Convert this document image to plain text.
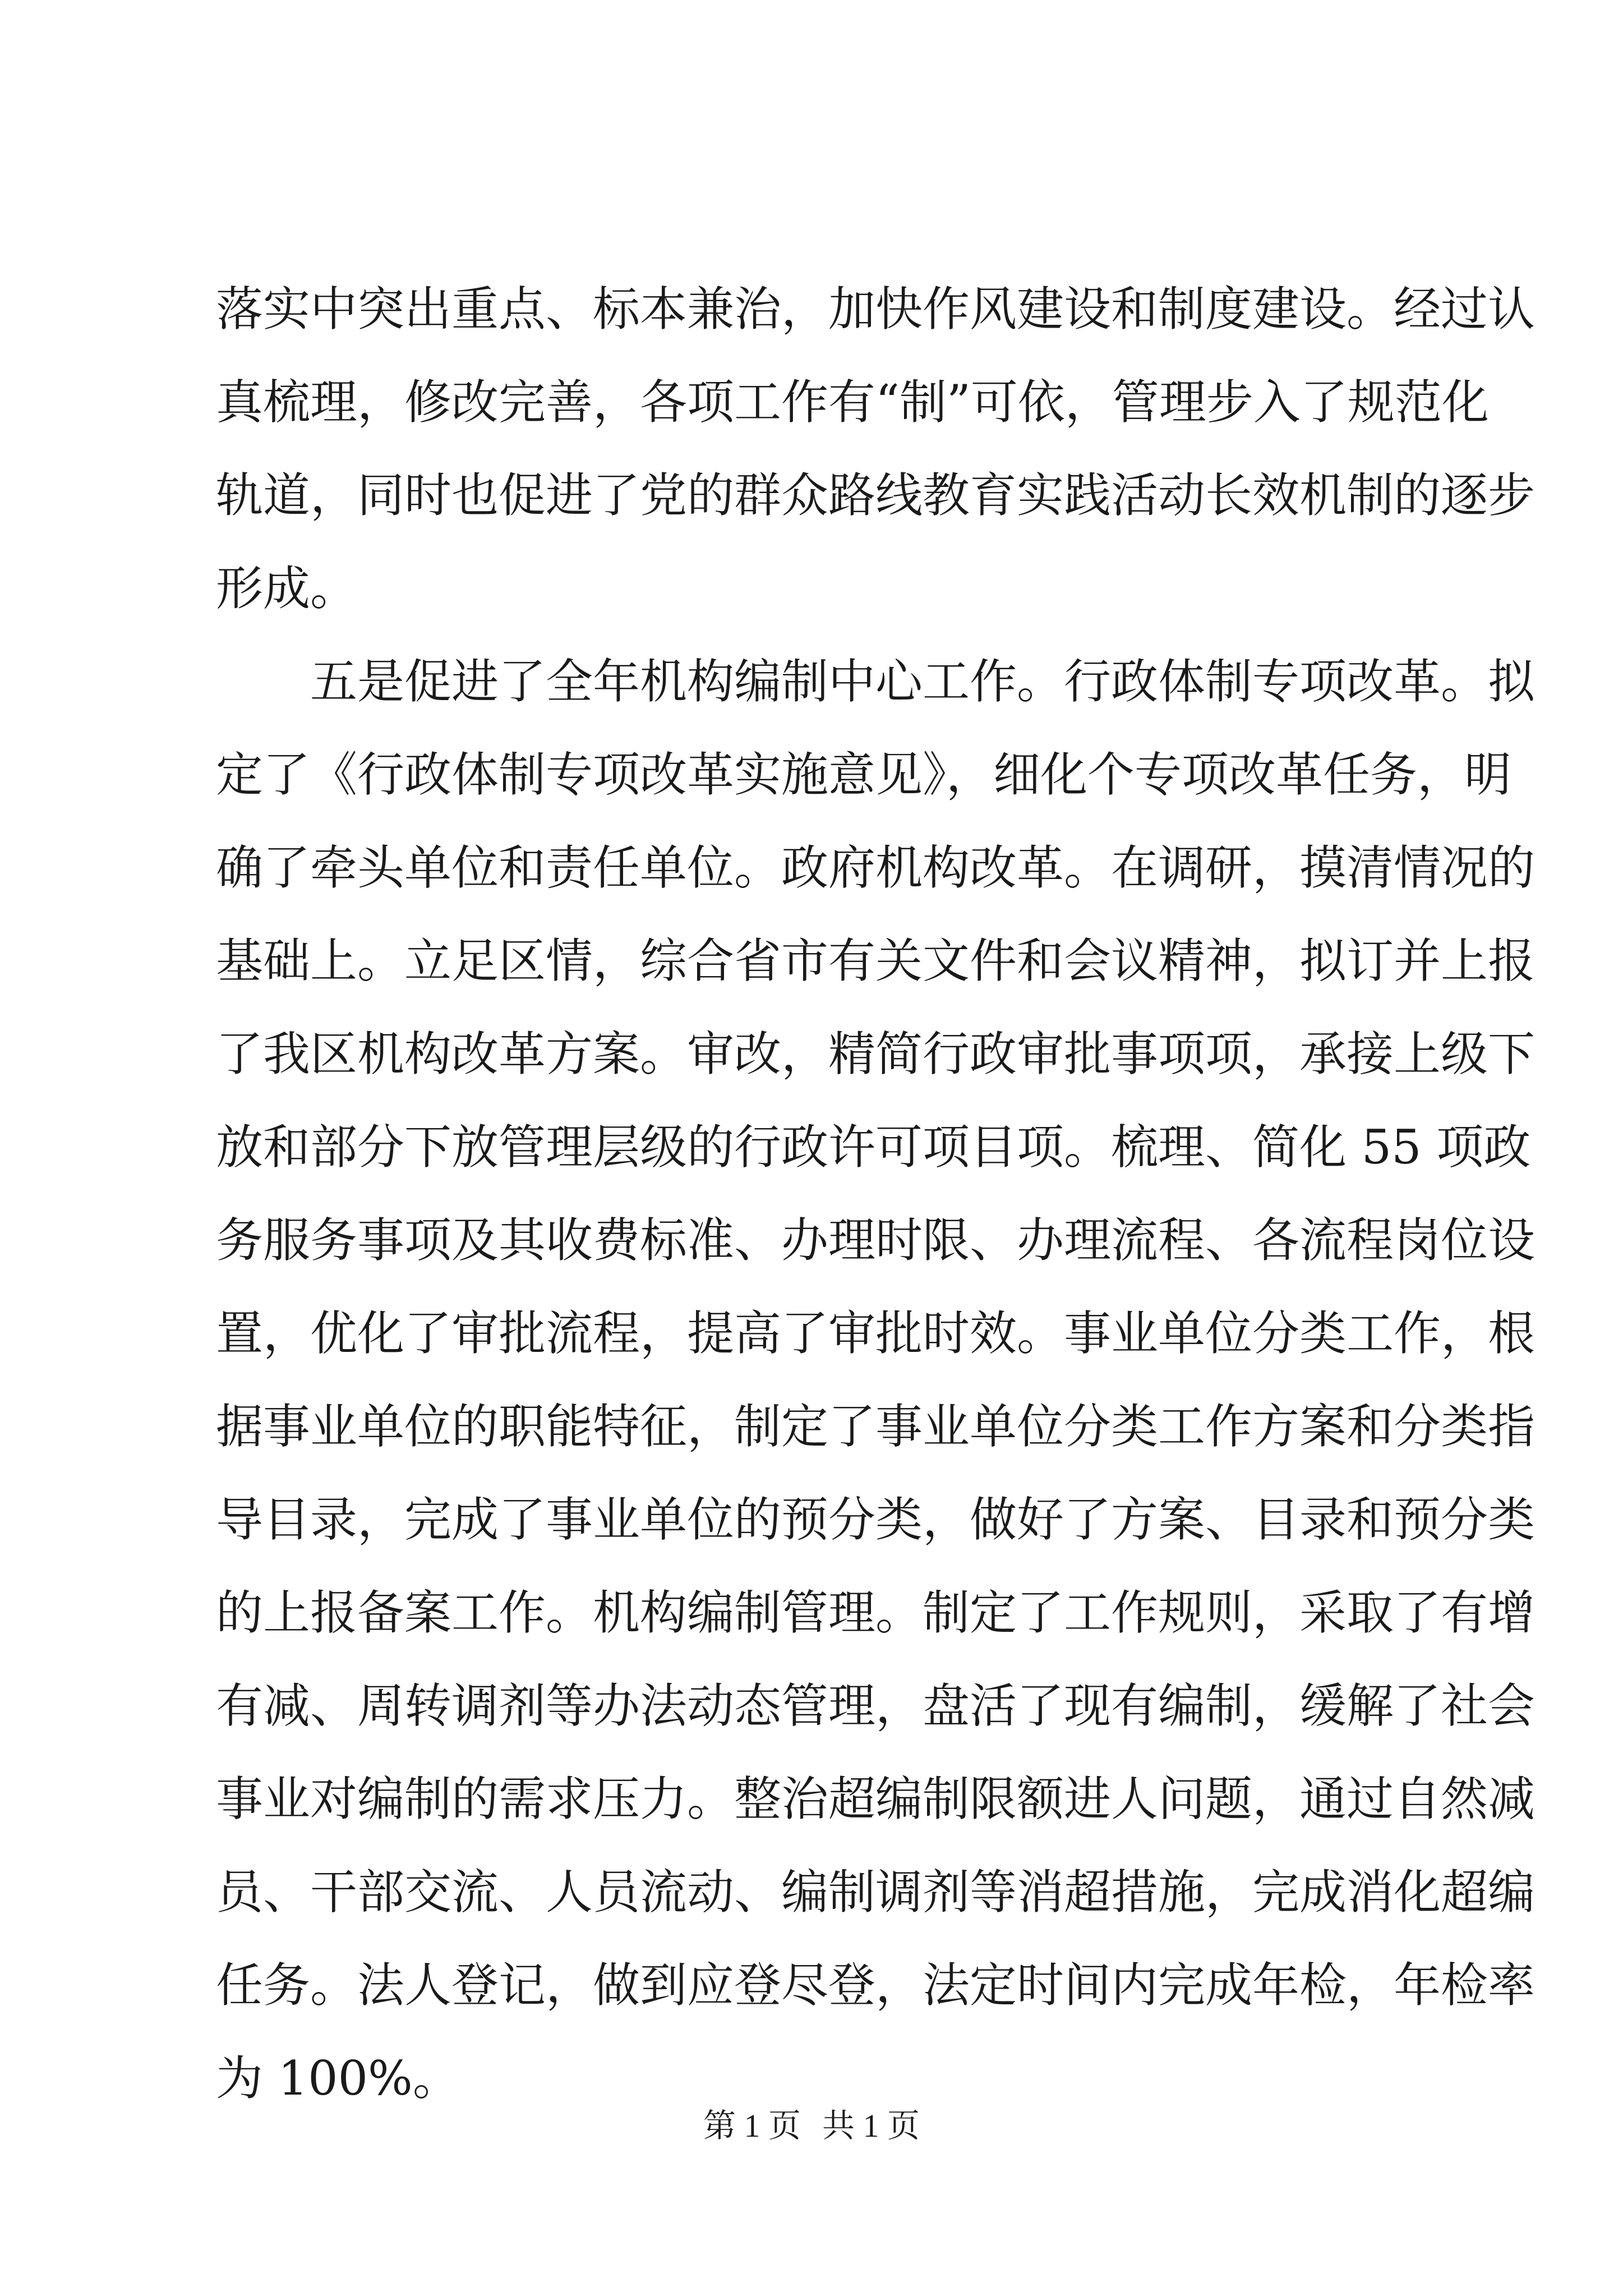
落实中突出重点、标本兼治，加快作风建设和制度建设。经过认
真梳理，修改完善，各项工作有“制”可依，管理步入了规范化
轨道，同时也促进了党的群众路线教育实践活动长效机制的逐步
形成。
五是促进了全年机构编制中心工作。行政体制专项改革。拟
定了《行政体制专项改革实施意见》，细化个专项改革任务，明
确了牵头单位和责任单位。政府机构改革。在调研，摸清情况的
基础上。立足区情，综合省市有关文件和会议精神，拟订并上报
了我区机构改革方案。审改，精简行政审批事项项，承接上级下
放和部分下放管理层级的行政许可项目项。梳理、简化 55 项政
务服务事项及其收费标准、办理时限、办理流程、各流程岗位设
置，优化了审批流程，提高了审批时效。事业单位分类工作，根
据事业单位的职能特征，制定了事业单位分类工作方案和分类指
导目录，完成了事业单位的预分类，做好了方案、目录和预分类
的上报备案工作。机构编制管理。制定了工作规则，采取了有增
有减、周转调剂等办法动态管理，盘活了现有编制，缓解了社会
事业对编制的需求压力。整治超编制限额进人问题，通过自然减
员、干部交流、人员流动、编制调剂等消超措施，完成消化超编
任务。法人登记，做到应登尽登，法定时间内完成年检，年检率
为 100%。
第 1 页 共 1 页
